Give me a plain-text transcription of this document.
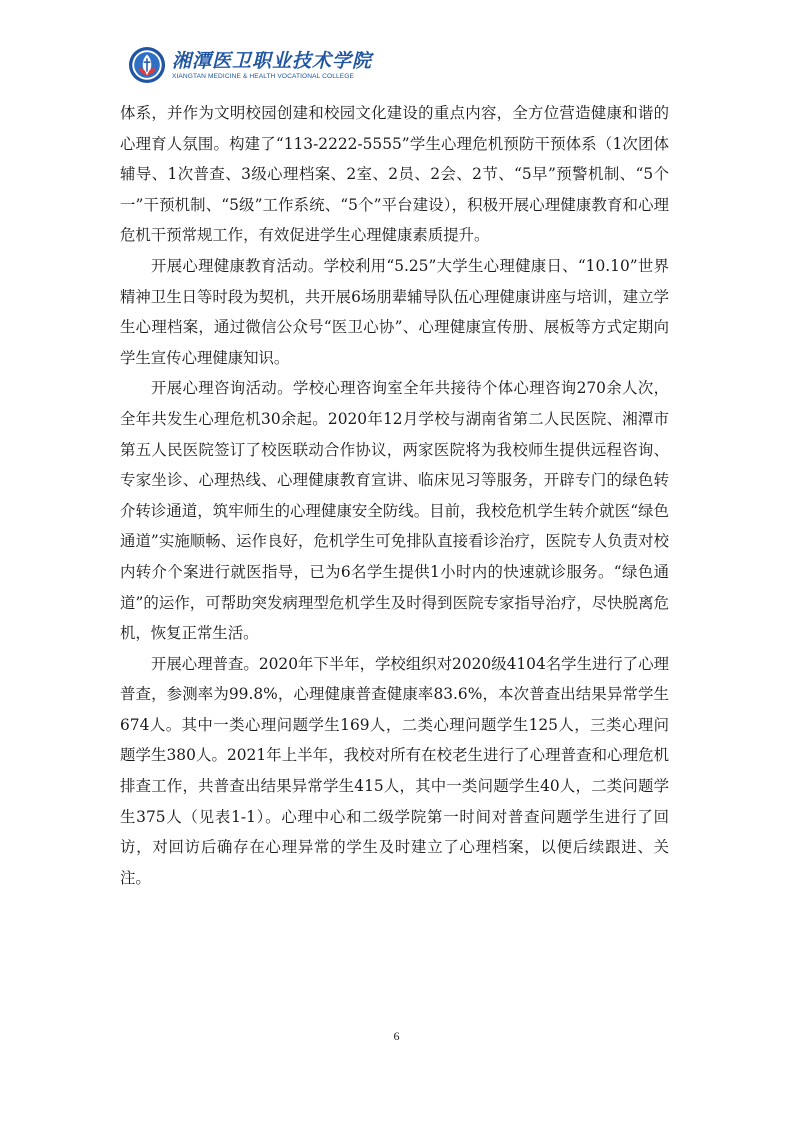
湘潭医卫职业技术学院
XIANGTAN MEDICINE & HEALTH VOCATIONAL COLLEGE

体系，并作为文明校园创建和校园文化建设的重点内容，全方位营造健康和谐的心理育人氛围。构建了“113-2222-5555”学生心理危机预防干预体系（1次团体辅导、1次普查、3级心理档案、2室、2员、2会、2节、“5早”预警机制、“5个一”干预机制、“5级”工作系统、“5个”平台建设），积极开展心理健康教育和心理危机干预常规工作，有效促进学生心理健康素质提升。

开展心理健康教育活动。学校利用“5.25”大学生心理健康日、“10.10”世界精神卫生日等时段为契机，共开展6场朋辈辅导队伍心理健康讲座与培训，建立学生心理档案，通过微信公众号“医卫心协”、心理健康宣传册、展板等方式定期向学生宣传心理健康知识。

开展心理咨询活动。学校心理咨询室全年共接待个体心理咨询270余人次，全年共发生心理危机30余起。2020年12月学校与湖南省第二人民医院、湘潭市第五人民医院签订了校医联动合作协议，两家医院将为我校师生提供远程咨询、专家坐诊、心理热线、心理健康教育宣讲、临床见习等服务，开辟专门的绿色转介转诊通道，筑牢师生的心理健康安全防线。目前，我校危机学生转介就医“绿色通道”实施顺畅、运作良好，危机学生可免排队直接看诊治疗，医院专人负责对校内转介个案进行就医指导，已为6名学生提供1小时内的快速就诊服务。“绿色通道”的运作，可帮助突发病理型危机学生及时得到医院专家指导治疗，尽快脱离危机，恢复正常生活。

开展心理普查。2020年下半年，学校组织对2020级4104名学生进行了心理普查，参测率为99.8%，心理健康普查健康率83.6%，本次普查出结果异常学生674人。其中一类心理问题学生169人，二类心理问题学生125人，三类心理问题学生380人。2021年上半年，我校对所有在校老生进行了心理普查和心理危机排查工作，共普查出结果异常学生415人，其中一类问题学生40人，二类问题学生375人（见表1-1）。心理中心和二级学院第一时间对普查问题学生进行了回访，对回访后确存在心理异常的学生及时建立了心理档案，以便后续跟进、关注。

6
